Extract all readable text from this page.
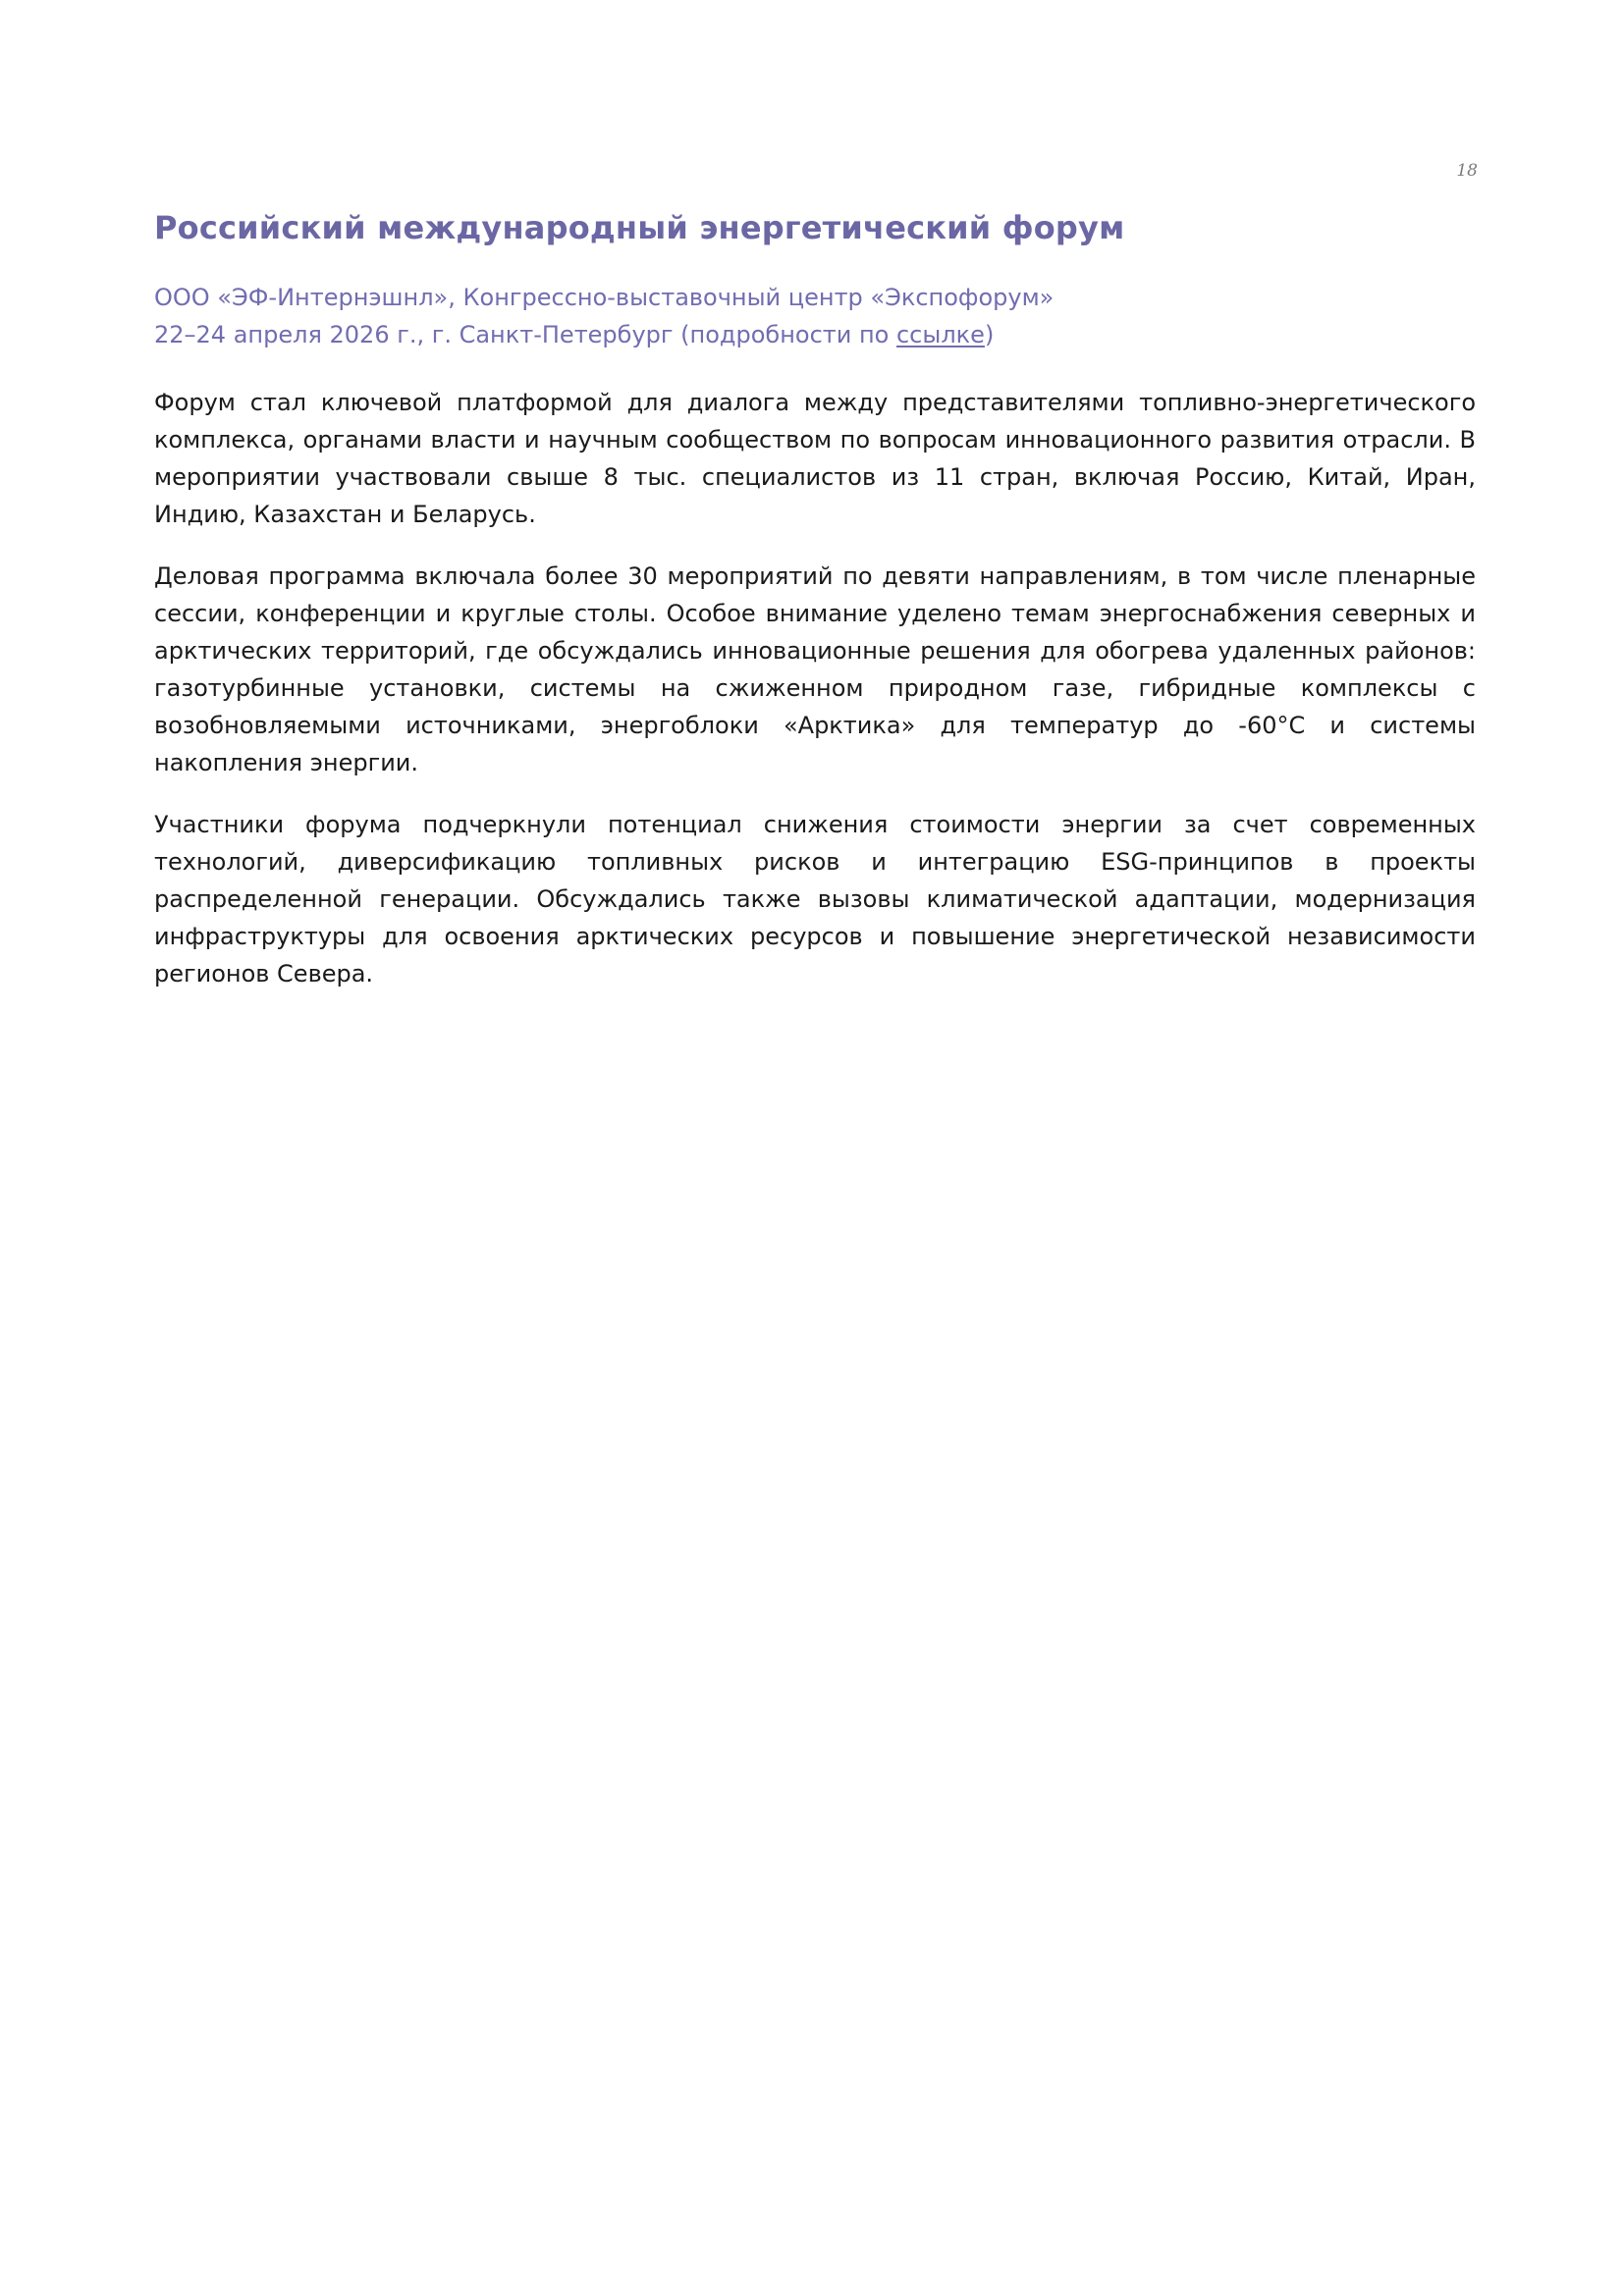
18
Российский международный энергетический форум
ООО «ЭФ-Интернэшнл», Конгрессно-выставочный центр «Экспофорум»
22–24 апреля 2026 г., г. Санкт-Петербург (подробности по ссылке)

Форум стал ключевой платформой для диалога между представителями топливно-энергетического комплекса, органами власти и научным сообществом по вопросам инновационного развития отрасли. В мероприятии участвовали свыше 8 тыс. специалистов из 11 стран, включая Россию, Китай, Иран, Индию, Казахстан и Беларусь.

Деловая программа включала более 30 мероприятий по девяти направлениям, в том числе пленарные сессии, конференции и круглые столы. Особое внимание уделено темам энергоснабжения северных и арктических территорий, где обсуждались инновационные решения для обогрева удаленных районов: газотурбинные установки, системы на сжиженном природном газе, гибридные комплексы с возобновляемыми источниками, энергоблоки «Арктика» для температур до -60°C и системы накопления энергии.

Участники форума подчеркнули потенциал снижения стоимости энергии за счет современных технологий, диверсификацию топливных рисков и интеграцию ESG-принципов в проекты распределенной генерации. Обсуждались также вызовы климатической адаптации, модернизация инфраструктуры для освоения арктических ресурсов и повышение энергетической независимости регионов Севера.
